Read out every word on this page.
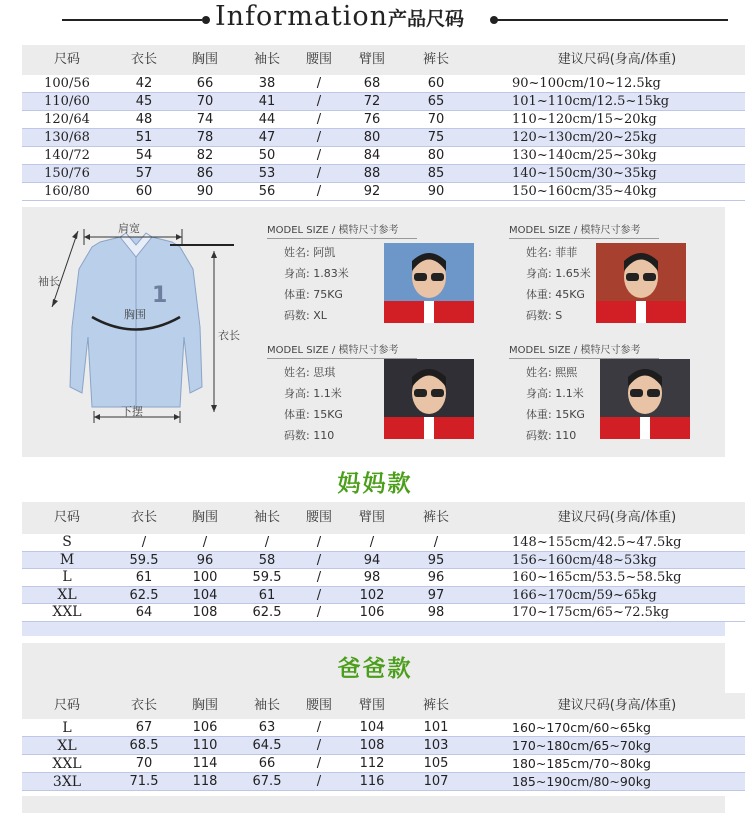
Information产品尺码
尺码	衣长	胸围	袖长	腰围	臂围	裤长	建议尺码(身高/体重)
100/56	42	66	38	/	68	60	90~100cm/10~12.5kg
110/60	45	70	41	/	72	65	101~110cm/12.5~15kg
120/64	48	74	44	/	76	70	110~120cm/15~20kg
130/68	51	78	47	/	80	75	120~130cm/20~25kg
140/72	54	82	50	/	84	80	130~140cm/25~30kg
150/76	57	86	53	/	88	85	140~150cm/30~35kg
160/80	60	90	56	/	92	90	150~160cm/35~40kg
肩宽
袖长
胸围
衣长
下摆
1
MODEL SIZE / 模特尺寸参考
姓名: 阿凯
身高: 1.83米
体重: 75KG
码数: XL
MODEL SIZE / 模特尺寸参考
姓名: 菲菲
身高: 1.65米
体重: 45KG
码数: S
MODEL SIZE / 模特尺寸参考
姓名: 思琪
身高: 1.1米
体重: 15KG
码数: 110
MODEL SIZE / 模特尺寸参考
姓名: 熙熙
身高: 1.1米
体重: 15KG
码数: 110
妈妈款
尺码	衣长	胸围	袖长	腰围	臂围	裤长	建议尺码(身高/体重)
S	/	/	/	/	/	/	148~155cm/42.5~47.5kg
M	59.5	96	58	/	94	95	156~160cm/48~53kg
L	61	100	59.5	/	98	96	160~165cm/53.5~58.5kg
XL	62.5	104	61	/	102	97	166~170cm/59~65kg
XXL	64	108	62.5	/	106	98	170~175cm/65~72.5kg
爸爸款
尺码	衣长	胸围	袖长	腰围	臂围	裤长	建议尺码(身高/体重)
L	67	106	63	/	104	101	160~170cm/60~65kg
XL	68.5	110	64.5	/	108	103	170~180cm/65~70kg
XXL	70	114	66	/	112	105	180~185cm/70~80kg
3XL	71.5	118	67.5	/	116	107	185~190cm/80~90kg
